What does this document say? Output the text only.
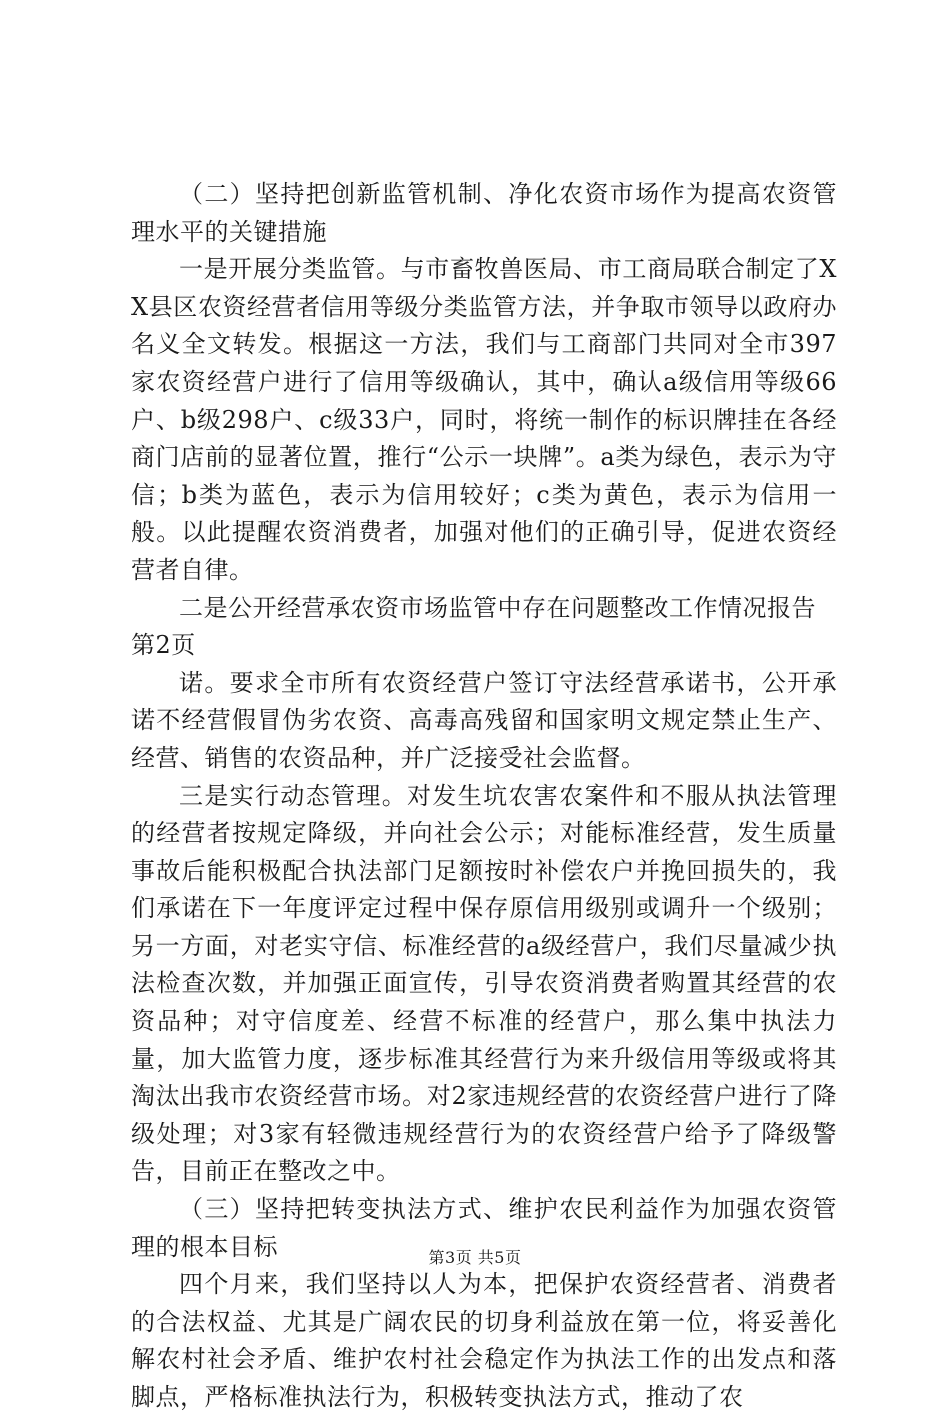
（二）坚持把创新监管机制、净化农资市场作为提高农资管理水平的关键措施

一是开展分类监管。与市畜牧兽医局、市工商局联合制定了XX县区农资经营者信用等级分类监管方法，并争取市领导以政府办名义全文转发。根据这一方法，我们与工商部门共同对全市397家农资经营户进行了信用等级确认，其中，确认a级信用等级66户、b级298户、c级33户，同时，将统一制作的标识牌挂在各经商门店前的显著位置，推行“公示一块牌”。a类为绿色，表示为守信；b类为蓝色，表示为信用较好；c类为黄色，表示为信用一般。以此提醒农资消费者，加强对他们的正确引导，促进农资经营者自律。

二是公开经营承农资市场监管中存在问题整改工作情况报告

第2页

诺。要求全市所有农资经营户签订守法经营承诺书，公开承诺不经营假冒伪劣农资、高毒高残留和国家明文规定禁止生产、经营、销售的农资品种，并广泛接受社会监督。

三是实行动态管理。对发生坑农害农案件和不服从执法管理的经营者按规定降级，并向社会公示；对能标准经营，发生质量事故后能积极配合执法部门足额按时补偿农户并挽回损失的，我们承诺在下一年度评定过程中保存原信用级别或调升一个级别；另一方面，对老实守信、标准经营的a级经营户，我们尽量减少执法检查次数，并加强正面宣传，引导农资消费者购置其经营的农资品种；对守信度差、经营不标准的经营户，那么集中执法力量，加大监管力度，逐步标准其经营行为来升级信用等级或将其淘汰出我市农资经营市场。对2家违规经营的农资经营户进行了降级处理；对3家有轻微违规经营行为的农资经营户给予了降级警告，目前正在整改之中。

（三）坚持把转变执法方式、维护农民利益作为加强农资管理的根本目标

四个月来，我们坚持以人为本，把保护农资经营者、消费者的合法权益、尤其是广阔农民的切身利益放在第一位，将妥善化解农村社会矛盾、维护农村社会稳定作为执法工作的出发点和落脚点，严格标准执法行为，积极转变执法方式，推动了农

第3页 共5页
